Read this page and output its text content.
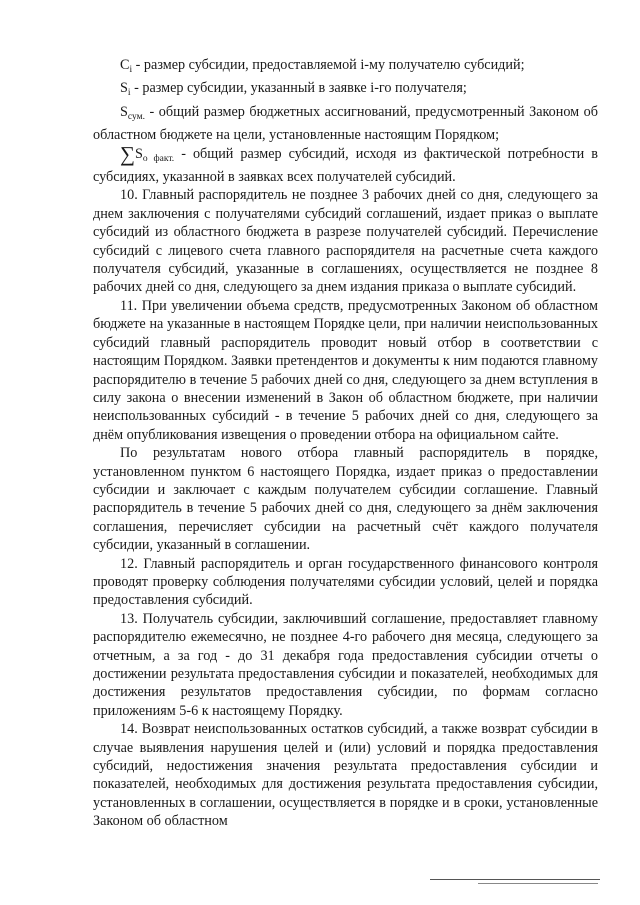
$C_i$ - размер субсидии, предоставляемой i-му получателю субсидий;

$S_i$ - размер субсидии, указанный в заявке i-го получателя;

$S_{сум.}$ - общий размер бюджетных ассигнований, предусмотренный Законом об областном бюджете на цели, установленные настоящим Порядком;

$\sum S_{о факт.}$ - общий размер субсидий, исходя из фактической потребности в субсидиях, указанной в заявках всех получателей субсидий.

10. Главный распорядитель не позднее 3 рабочих дней со дня, следующего за днем заключения с получателями субсидий соглашений, издает приказ о выплате субсидий из областного бюджета в разрезе получателей субсидий. Перечисление субсидий с лицевого счета главного распорядителя на расчетные счета каждого получателя субсидий, указанные в соглашениях, осуществляется не позднее 8 рабочих дней со дня, следующего за днем издания приказа о выплате субсидий.

11. При увеличении объема средств, предусмотренных Законом об областном бюджете на указанные в настоящем Порядке цели, при наличии неиспользованных субсидий главный распорядитель проводит новый отбор в соответствии с настоящим Порядком. Заявки претендентов и документы к ним подаются главному распорядителю в течение 5 рабочих дней со дня, следующего за днем вступления в силу закона о внесении изменений в Закон об областном бюджете, при наличии неиспользованных субсидий - в течение 5 рабочих дней со дня, следующего за днём опубликования извещения о проведении отбора на официальном сайте.

По результатам нового отбора главный распорядитель в порядке, установленном пунктом 6 настоящего Порядка, издает приказ о предоставлении субсидии и заключает с каждым получателем субсидии соглашение. Главный распорядитель в течение 5 рабочих дней со дня, следующего за днём заключения соглашения, перечисляет субсидии на расчетный счёт каждого получателя субсидии, указанный в соглашении.

12. Главный распорядитель и орган государственного финансового контроля проводят проверку соблюдения получателями субсидии условий, целей и порядка предоставления субсидий.

13. Получатель субсидии, заключивший соглашение, предоставляет главному распорядителю ежемесячно, не позднее 4-го рабочего дня месяца, следующего за отчетным, а за год - до 31 декабря года предоставления субсидии отчеты о достижении результата предоставления субсидии и показателей, необходимых для достижения результатов предоставления субсидии, по формам согласно приложениям 5-6 к настоящему Порядку.

14. Возврат неиспользованных остатков субсидий, а также возврат субсидии в случае выявления нарушения целей и (или) условий и порядка предоставления субсидий, недостижения значения результата предоставления субсидии и показателей, необходимых для достижения результата предоставления субсидии, установленных в соглашении, осуществляется в порядке и в сроки, установленные Законом об областном
